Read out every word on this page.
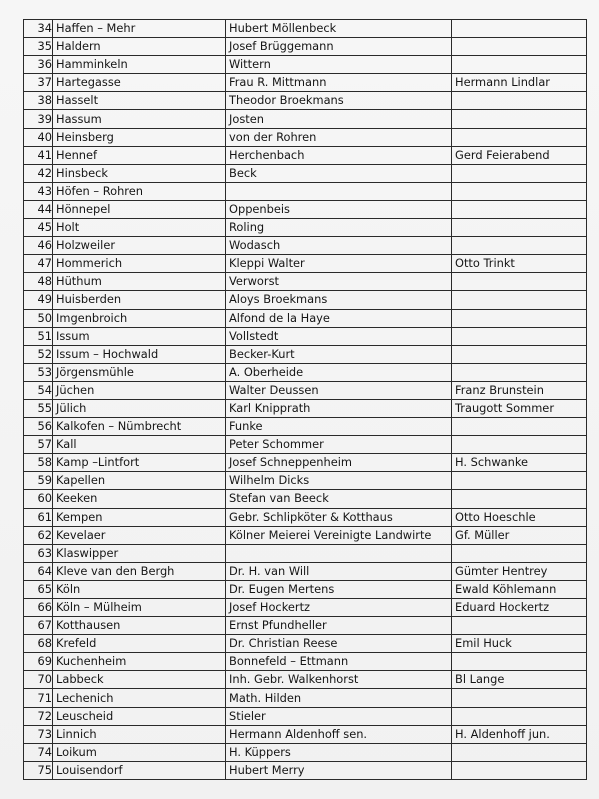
34	Haffen – Mehr	Hubert Möllenbeck	
35	Haldern	Josef Brüggemann	
36	Hamminkeln	Wittern	
37	Hartegasse	Frau R. Mittmann	Hermann Lindlar
38	Hasselt	Theodor Broekmans	
39	Hassum	Josten	
40	Heinsberg	von der Rohren	
41	Hennef	Herchenbach	Gerd Feierabend
42	Hinsbeck	Beck	
43	Höfen – Rohren		
44	Hönnepel	Oppenbeis	
45	Holt	Roling	
46	Holzweiler	Wodasch	
47	Hommerich	Kleppi Walter	Otto Trinkt
48	Hüthum	Verworst	
49	Huisberden	Aloys Broekmans	
50	Imgenbroich	Alfond de la Haye	
51	Issum	Vollstedt	
52	Issum – Hochwald	Becker-Kurt	
53	Jörgensmühle	A. Oberheide	
54	Jüchen	Walter Deussen	Franz Brunstein
55	Jülich	Karl Knipprath	Traugott Sommer
56	Kalkofen – Nümbrecht	Funke	
57	Kall	Peter Schommer	
58	Kamp –Lintfort	Josef Schneppenheim	H. Schwanke
59	Kapellen	Wilhelm Dicks	
60	Keeken	Stefan van Beeck	
61	Kempen	Gebr. Schlipköter & Kotthaus	Otto Hoeschle
62	Kevelaer	Kölner Meierei Vereinigte Landwirte	Gf. Müller
63	Klaswipper		
64	Kleve van den Bergh	Dr. H. van Will	Gümter Hentrey
65	Köln	Dr. Eugen Mertens	Ewald Köhlemann
66	Köln – Mülheim	Josef Hockertz	Eduard Hockertz
67	Kotthausen	Ernst Pfundheller	
68	Krefeld	Dr. Christian Reese	Emil Huck
69	Kuchenheim	Bonnefeld – Ettmann	
70	Labbeck	Inh. Gebr. Walkenhorst	Bl Lange
71	Lechenich	Math. Hilden	
72	Leuscheid	Stieler	
73	Linnich	Hermann Aldenhoff sen.	H. Aldenhoff jun.
74	Loikum	H. Küppers	
75	Louisendorf	Hubert Merry	
